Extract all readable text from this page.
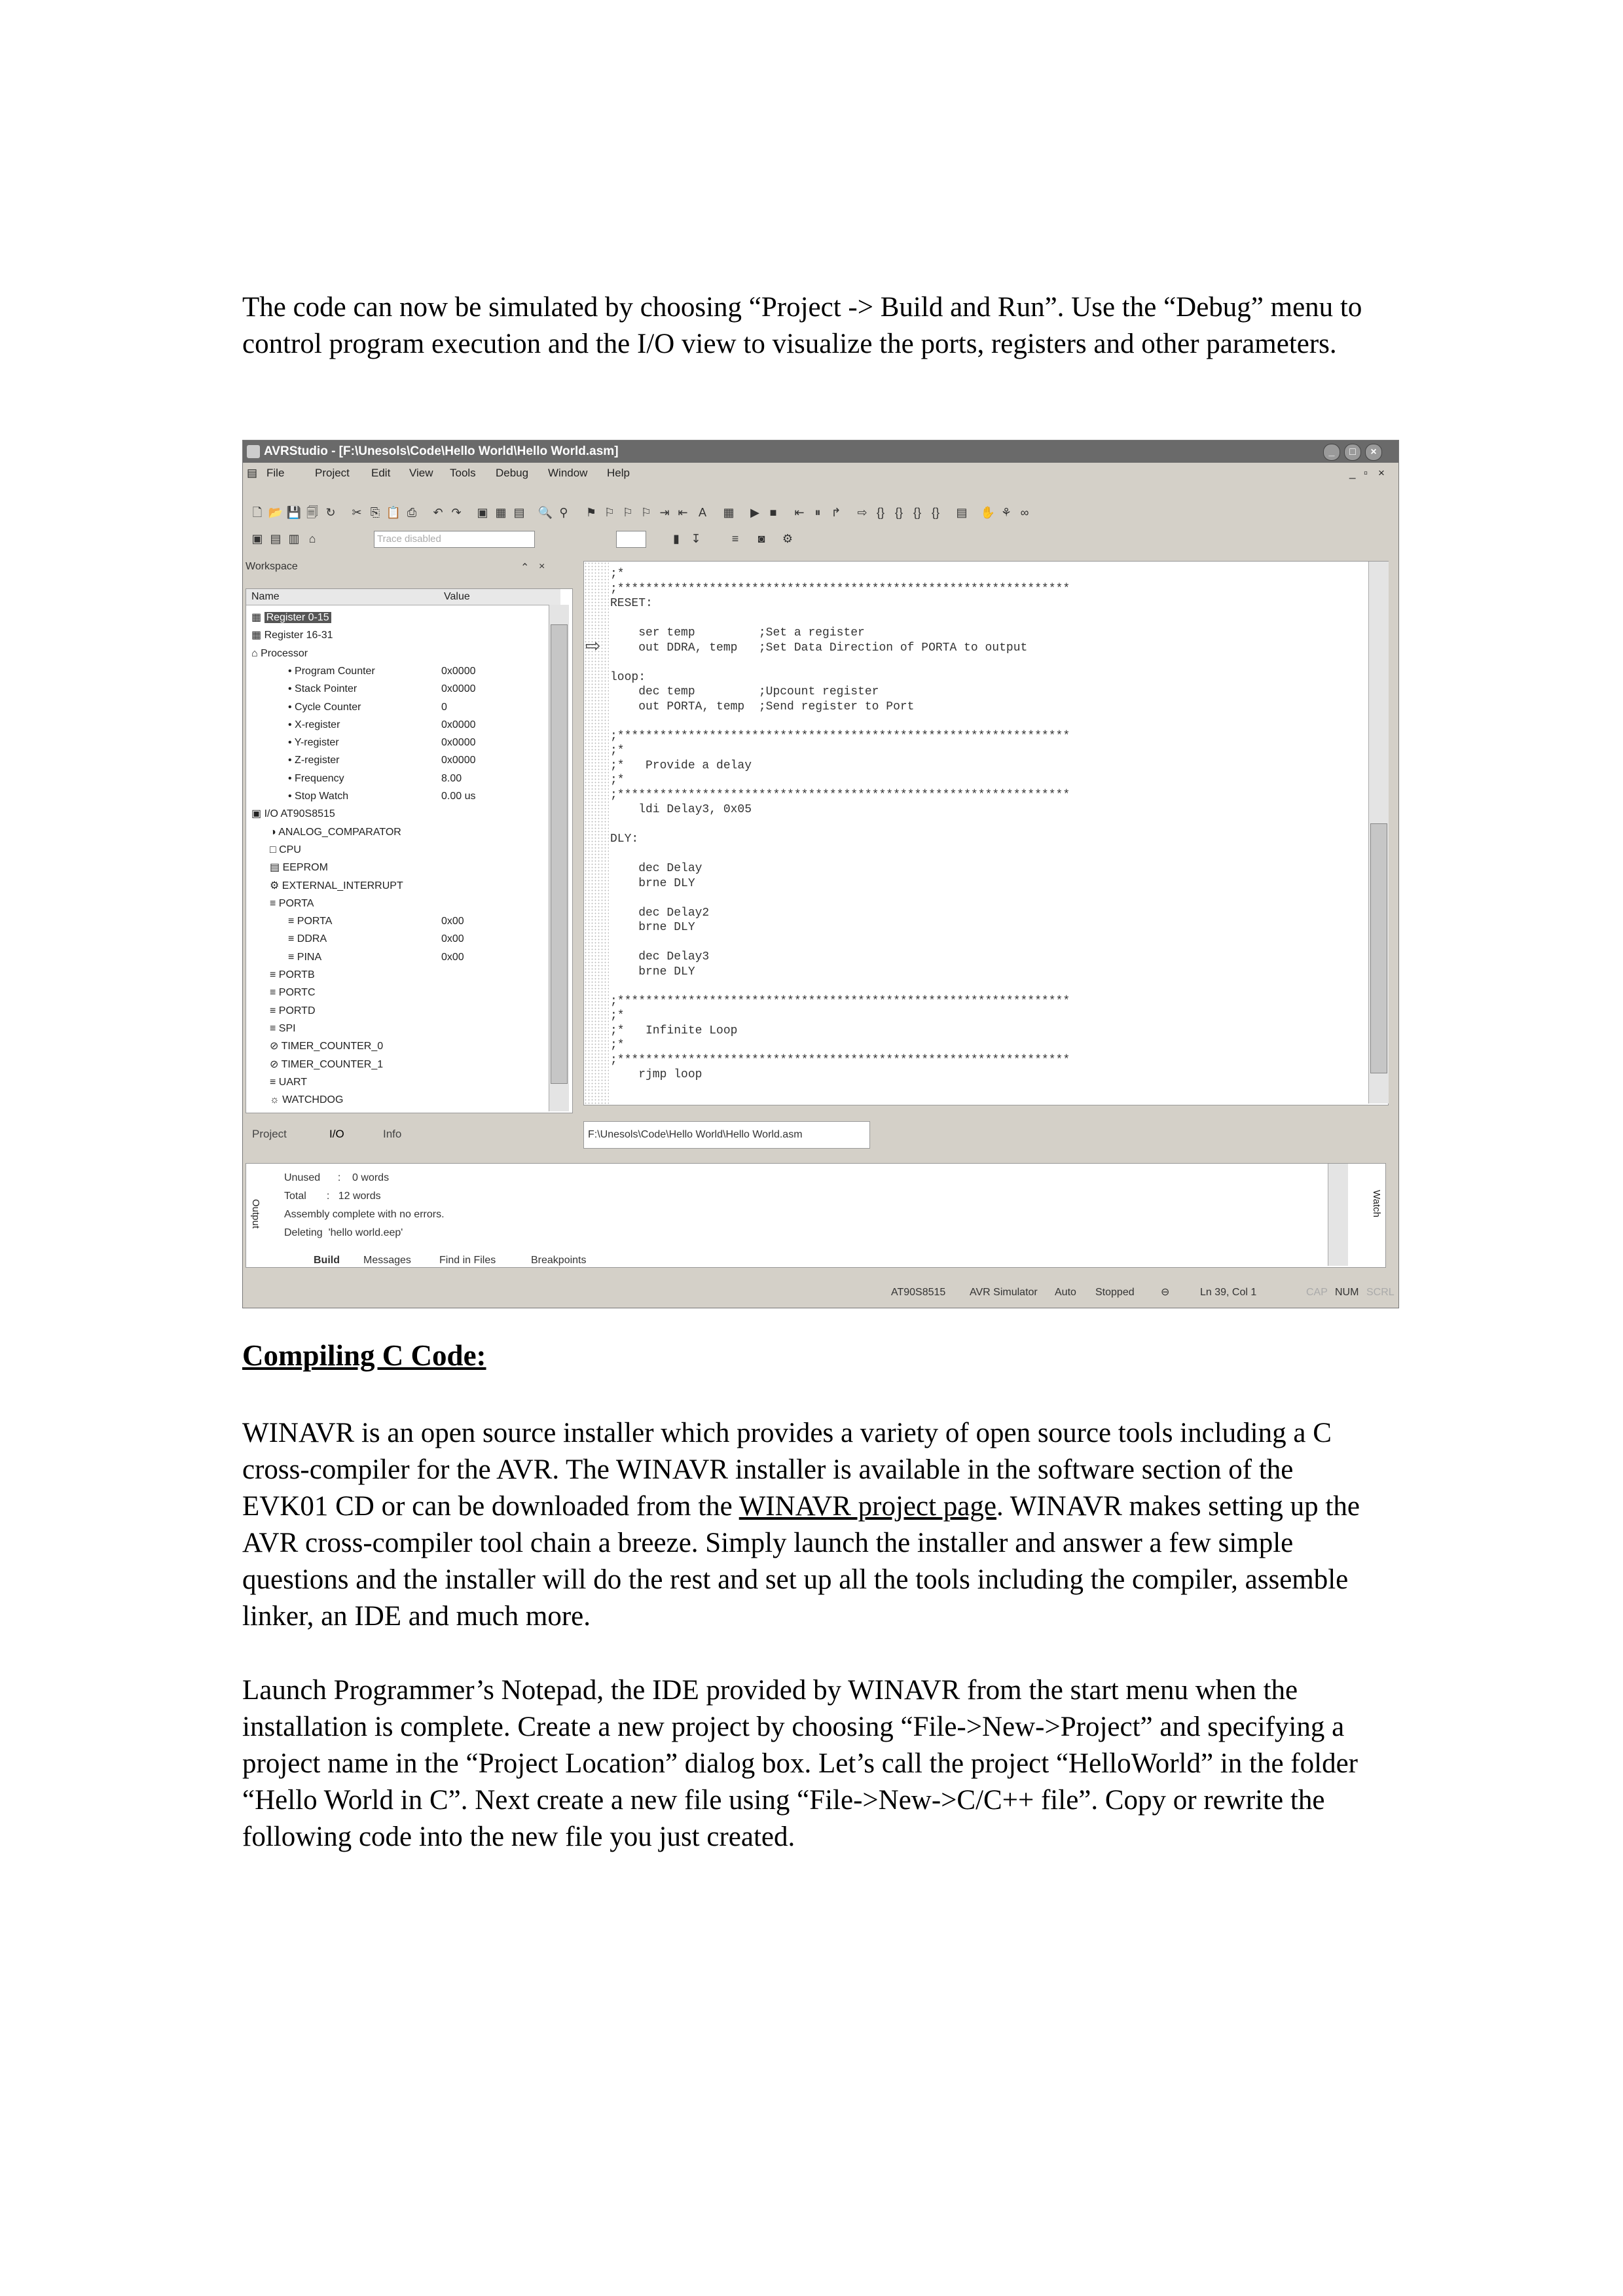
The code can now be simulated by choosing “Project -> Build and Run”. Use the “Debug” menu to control program execution and the I/O view to visualize the ports, registers and other parameters.

AVRStudio - [F:\Unesols\Code\Hello World\Hello World.asm]	_	□	×
▤ File	Project Edit View Tools Debug Window Help	_ ▫ ×
🗋 📂 💾 🗐 ↻ ✂ ⎘ 📋 ⎙ ↶ ↷ ▣ ▦ ▤ 🔍 ⚲	⚑ ⚐ ⚐ ⚐ ⇥ ⇤ A	▦ ▶ ■	⇤ ⏸ ↱ ⇨ {} {} {} {}	▤ ✋ ⚘ ∞
▣ ▤ ▥ ⌂	Trace disabled	▮ ↧	≡	◙	⚙
Workspace	⌃ ×
Name	Value
▦ Register 0-15
▦ Register 16-31
⌂ Processor
• Program Counter	0x0000
• Stack Pointer	0x0000
• Cycle Counter	0
• X-register	0x0000
• Y-register	0x0000
• Z-register	0x0000
• Frequency	8.00
• Stop Watch	0.00 us
▣ I/O AT90S8515
◑ ANALOG_COMPARATOR
□ CPU
▤ EEPROM
⚙ EXTERNAL_INTERRUPT
≡ PORTA
≡ PORTA	0x00
≡ DDRA	0x00
≡ PINA	0x00
≡ PORTB
≡ PORTC
≡ PORTD
≡ SPI
⊘ TIMER_COUNTER_0
⊘ TIMER_COUNTER_1
≡ UART
☼ WATCHDOG
Project	I/O	Info
⇨
;*
;****************************************************************
RESET:
ser temp         ;Set a register
out DDRA, temp   ;Set Data Direction of PORTA to output
loop:
dec temp         ;Upcount register
out PORTA, temp  ;Send register to Port
;****************************************************************
;*
;*   Provide a delay
;*
;****************************************************************
ldi Delay3, 0x05
DLY:
dec Delay
brne DLY
dec Delay2
brne DLY
dec Delay3
brne DLY
;****************************************************************
;*
;*   Infinite Loop
;*
;****************************************************************
rjmp loop
F:\Unesols\Code\Hello World\Hello World.asm
Output	Watch
Unused      :    0 words
Total       :   12 words
Assembly complete with no errors.
Deleting  'hello world.eep'
Build Messages	Find in Files	Breakpoints
AT90S8515 AVR Simulator Auto Stopped	⊖	Ln 39, Col 1	CAP NUM SCRL

Compiling C Code:

WINAVR is an open source installer which provides a variety of open source tools including a C cross-compiler for the AVR. The WINAVR installer is available in the software section of the EVK01 CD or can be downloaded from the WINAVR project page. WINAVR makes setting up the AVR cross-compiler tool chain a breeze. Simply launch the installer and answer a few simple questions and the installer will do the rest and set up all the tools including the compiler, assemble linker, an IDE and much more.

Launch Programmer’s Notepad, the IDE provided by WINAVR from the start menu when the installation is complete. Create a new project by choosing “File->New->Project” and specifying a project name in the “Project Location” dialog box. Let’s call the project “HelloWorld” in the folder “Hello World in C”. Next create a new file using “File->New->C/C++ file”. Copy or rewrite the following code into the new file you just created.
